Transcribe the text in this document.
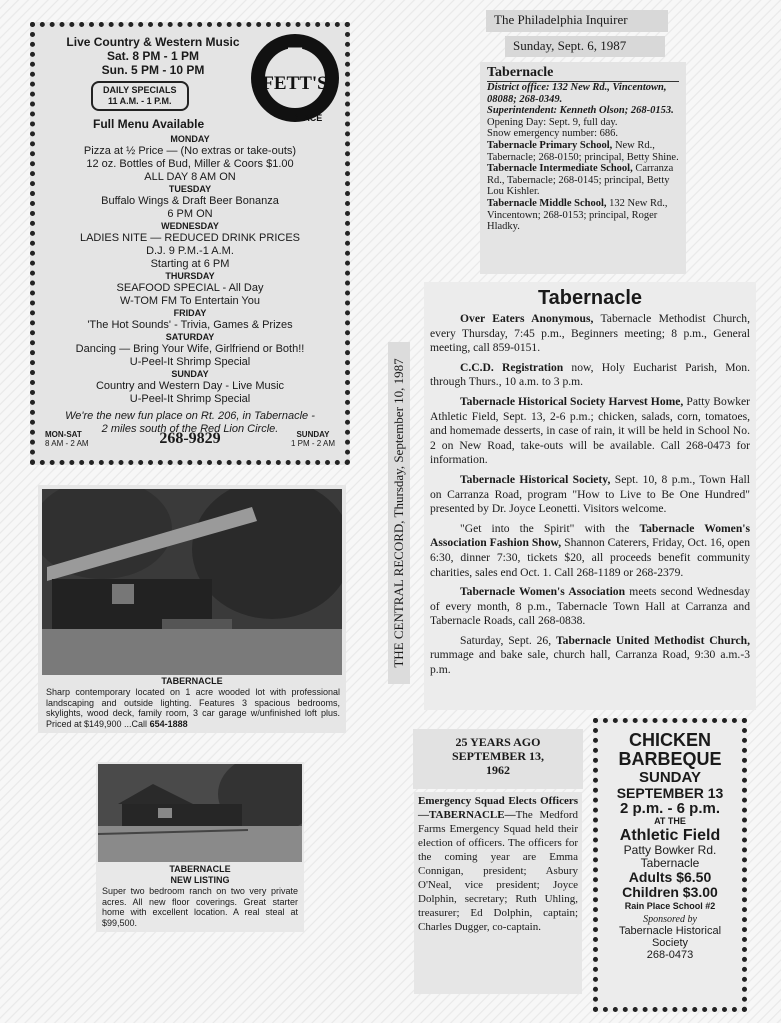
5
FETT'S
PLACE
Live Country & Western Music
Sat. 8 PM - 1 PM
Sun. 5 PM - 10 PM
DAILY SPECIALS
11 A.M. - 1 P.M.
Full Menu Available
MONDAY
Pizza at ½ Price — (No extras or take-outs)
12 oz. Bottles of Bud, Miller & Coors $1.00
ALL DAY 8 AM ON
TUESDAY
Buffalo Wings & Draft Beer Bonanza
6 PM ON
WEDNESDAY
LADIES NITE — REDUCED DRINK PRICES
D.J. 9 P.M.-1 A.M.
Starting at 6 PM
THURSDAY
SEAFOOD SPECIAL - All Day
W-TOM FM To Entertain You
FRIDAY
'The Hot Sounds' - Trivia, Games & Prizes
SATURDAY
Dancing — Bring Your Wife, Girlfriend or Both!!
U-Peel-It Shrimp Special
SUNDAY
Country and Western Day - Live Music
U-Peel-It Shrimp Special
We're the new fun place on Rt. 206, in Tabernacle -
2 miles south of the Red Lion Circle.
MON-SAT
8 AM - 2 AM	268-9829	SUNDAY
1 PM - 2 AM
TABERNACLE
Sharp contemporary located on 1 acre wooded lot with professional landscaping and outside lighting. Features 3 spacious bedrooms, skylights, wood deck, family room, 3 car garage w/unfinished loft plus. Priced at $149,900 ...Call 654-1888
TABERNACLE
NEW LISTING
Super two bedroom ranch on two very private acres. All new floor coverings. Great starter home with excellent location. A real steal at $99,500.
The Philadelphia Inquirer
Sunday, Sept. 6, 1987
Tabernacle
District office: 132 New Rd., Vincentown, 08088; 268-0349.
Superintendent: Kenneth Olson; 268-0153.
Opening Day: Sept. 9, full day.
Snow emergency number: 686.
Tabernacle Primary School, New Rd., Tabernacle; 268-0150; principal, Betty Shine.
Tabernacle Intermediate School, Carranza Rd., Tabernacle; 268-0145; principal, Betty Lou Kishler.
Tabernacle Middle School, 132 New Rd., Vincentown; 268-0153; principal, Roger Hladky.
THE CENTRAL RECORD, Thursday, September 10, 1987
Tabernacle

Over Eaters Anonymous, Tabernacle Methodist Church, every Thursday, 7:45 p.m., Beginners meeting; 8 p.m., General meeting, call 859-0151.

C.C.D. Registration now, Holy Eucharist Parish, Mon. through Thurs., 10 a.m. to 3 p.m.

Tabernacle Historical Society Harvest Home, Patty Bowker Athletic Field, Sept. 13, 2-6 p.m.; chicken, salads, corn, tomatoes, and homemade desserts, in case of rain, it will be held in School No. 2 on New Road, take-outs will be available. Call 268-0473 for information.

Tabernacle Historical Society, Sept. 10, 8 p.m., Town Hall on Carranza Road, program "How to Live to Be One Hundred" presented by Dr. Joyce Leonetti. Visitors welcome.

"Get into the Spirit" with the Tabernacle Women's Association Fashion Show, Shannon Caterers, Friday, Oct. 16, open 6:30, dinner 7:30, tickets $20, all proceeds benefit community charities, sales end Oct. 1. Call 268-1189 or 268-2379.

Tabernacle Women's Association meets second Wednesday of every month, 8 p.m., Tabernacle Town Hall at Carranza and Tabernacle Roads, call 268-0838.

Saturday, Sept. 26, Tabernacle United Methodist Church, rummage and bake sale, church hall, Carranza Road, 9:30 a.m.-3 p.m.

25 YEARS AGO
SEPTEMBER 13,
1962
Emergency Squad Elects Officers—TABERNACLE—The Medford Farms Emergency Squad held their election of officers. The officers for the coming year are Emma Connigan, president; Asbury O'Neal, vice president; Joyce Dolphin, secretary; Ruth Uhling, treasurer; Ed Dolphin, captain; Charles Dugger, co-captain.
CHICKEN
BARBEQUE
SUNDAY
SEPTEMBER 13
2 p.m. - 6 p.m.
AT THE
Athletic Field
Patty Bowker Rd.
Tabernacle
Adults $6.50
Children $3.00
Rain Place School #2
Sponsored by
Tabernacle Historical
Society
268-0473
